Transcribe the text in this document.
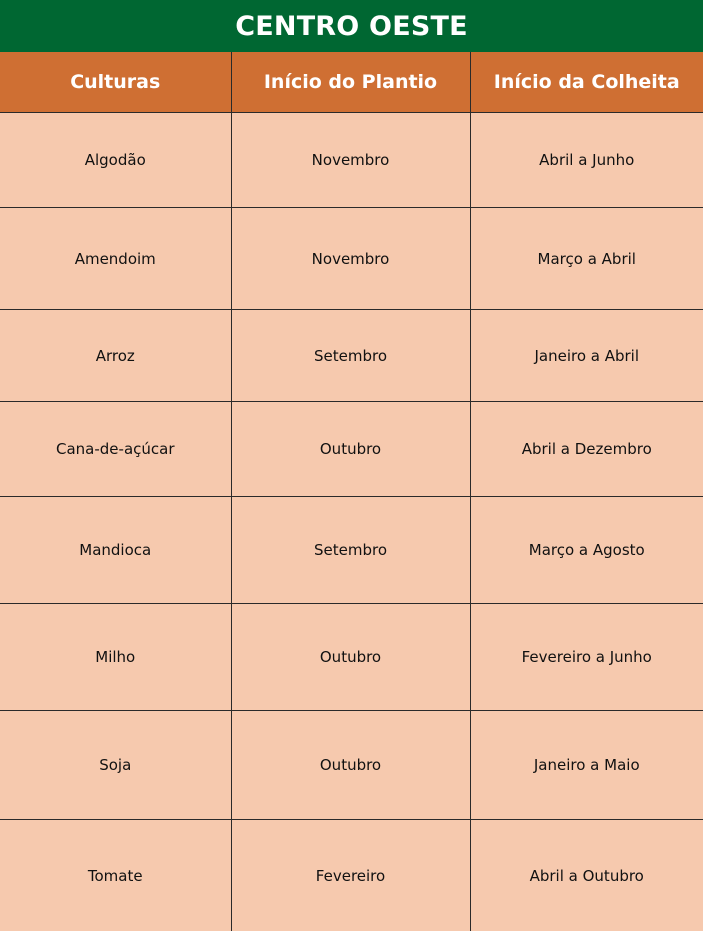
CENTRO OESTE
Culturas	Início do Plantio	Início da Colheita
Algodão	Novembro	Abril a Junho
Amendoim	Novembro	Março a Abril
Arroz	Setembro	Janeiro a Abril
Cana-de-açúcar	Outubro	Abril a Dezembro
Mandioca	Setembro	Março a Agosto
Milho	Outubro	Fevereiro a Junho
Soja	Outubro	Janeiro a Maio
Tomate	Fevereiro	Abril a Outubro
